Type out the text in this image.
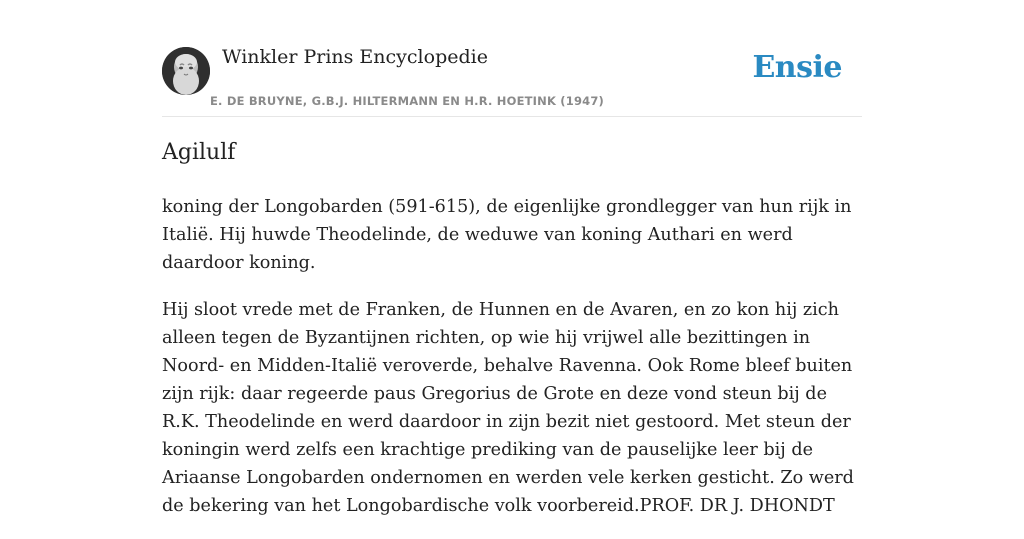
Winkler Prins Encyclopedie
E. DE BRUYNE, G.B.J. HILTERMANN EN H.R. HOETINK (1947)
Ensie
Agilulf

koning der Longobarden (591-615), de eigenlijke grondlegger van hun rijk in Italië. Hij huwde Theodelinde, de weduwe van koning Authari en werd daardoor koning.

Hij sloot vrede met de Franken, de Hunnen en de Avaren, en zo kon hij zich alleen tegen de Byzantijnen richten, op wie hij vrijwel alle bezittingen in Noord- en Midden-Italië veroverde, behalve Ravenna. Ook Rome bleef buiten zijn rijk: daar regeerde paus Gregorius de Grote en deze vond steun bij de R.K. Theodelinde en werd daardoor in zijn bezit niet gestoord. Met steun der koningin werd zelfs een krachtige prediking van de pauselijke leer bij de Ariaanse Longobarden ondernomen en werden vele kerken gesticht. Zo werd de bekering van het Longobardische volk voorbereid.PROF. DR J. DHONDT
